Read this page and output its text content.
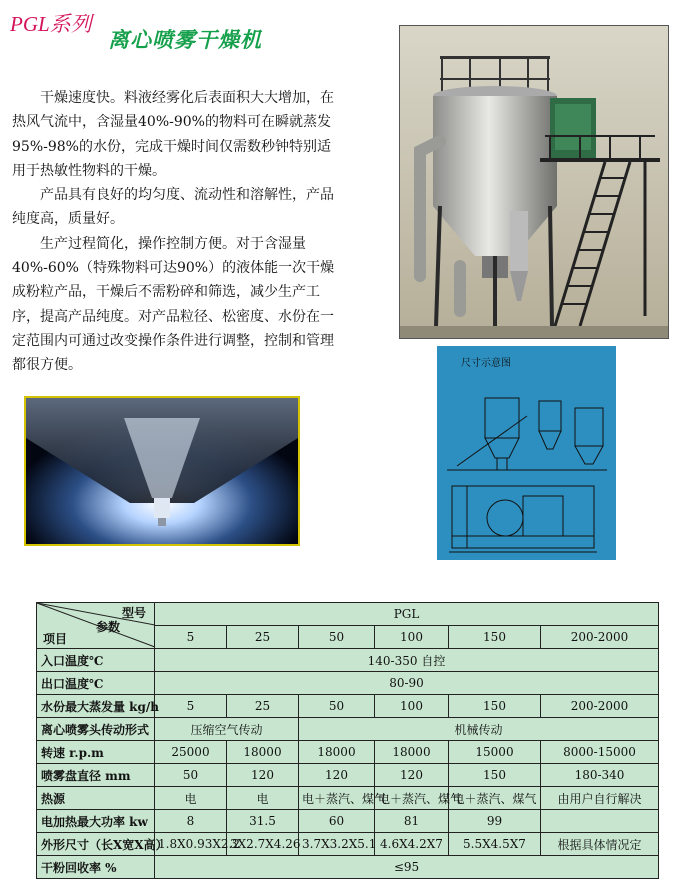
PGL系列
离心喷雾干燥机

干燥速度快。料液经雾化后表面积大大增加，在热风气流中，含湿量40%-90%的物料可在瞬就蒸发95%-98%的水份，完成干燥时间仅需数秒钟特别适用于热敏性物料的干燥。

产品具有良好的均匀度、流动性和溶解性，产品纯度高，质量好。

生产过程简化，操作控制方便。对于含湿量40%-60%（特殊物料可达90%）的液体能一次干燥成粉粒产品，干燥后不需粉碎和筛选，减少生产工序，提高产品纯度。对产品粒径、松密度、水份在一定范围内可通过改变操作条件进行调整，控制和管理都很方便。	尺寸示意图
型号
参数
项目	PGL					
	5	25	50	100	150	200-2000
入口温度℃	140-350 自控					
出口温度℃	80-90					
水份最大蒸发量 kg/h	5	25	50	100	150	200-2000
离心喷雾头传动形式	压缩空气传动		机械传动			
转速 r.p.m	25000	18000	18000	18000	15000	8000-15000
喷雾盘直径 mm	50	120	120	120	150	180-340
热源	电	电	电＋蒸汽、煤气	电＋蒸汽、煤气	电＋蒸汽、煤气	由用户自行解决
电加热最大功率 kw	8	31.5	60	81	99	
外形尺寸（长X宽X高）	1.8X0.93X2.2	3X2.7X4.26	3.7X3.2X5.1	4.6X4.2X7	5.5X4.5X7	根据具体情况定
干粉回收率 %	≤95					
